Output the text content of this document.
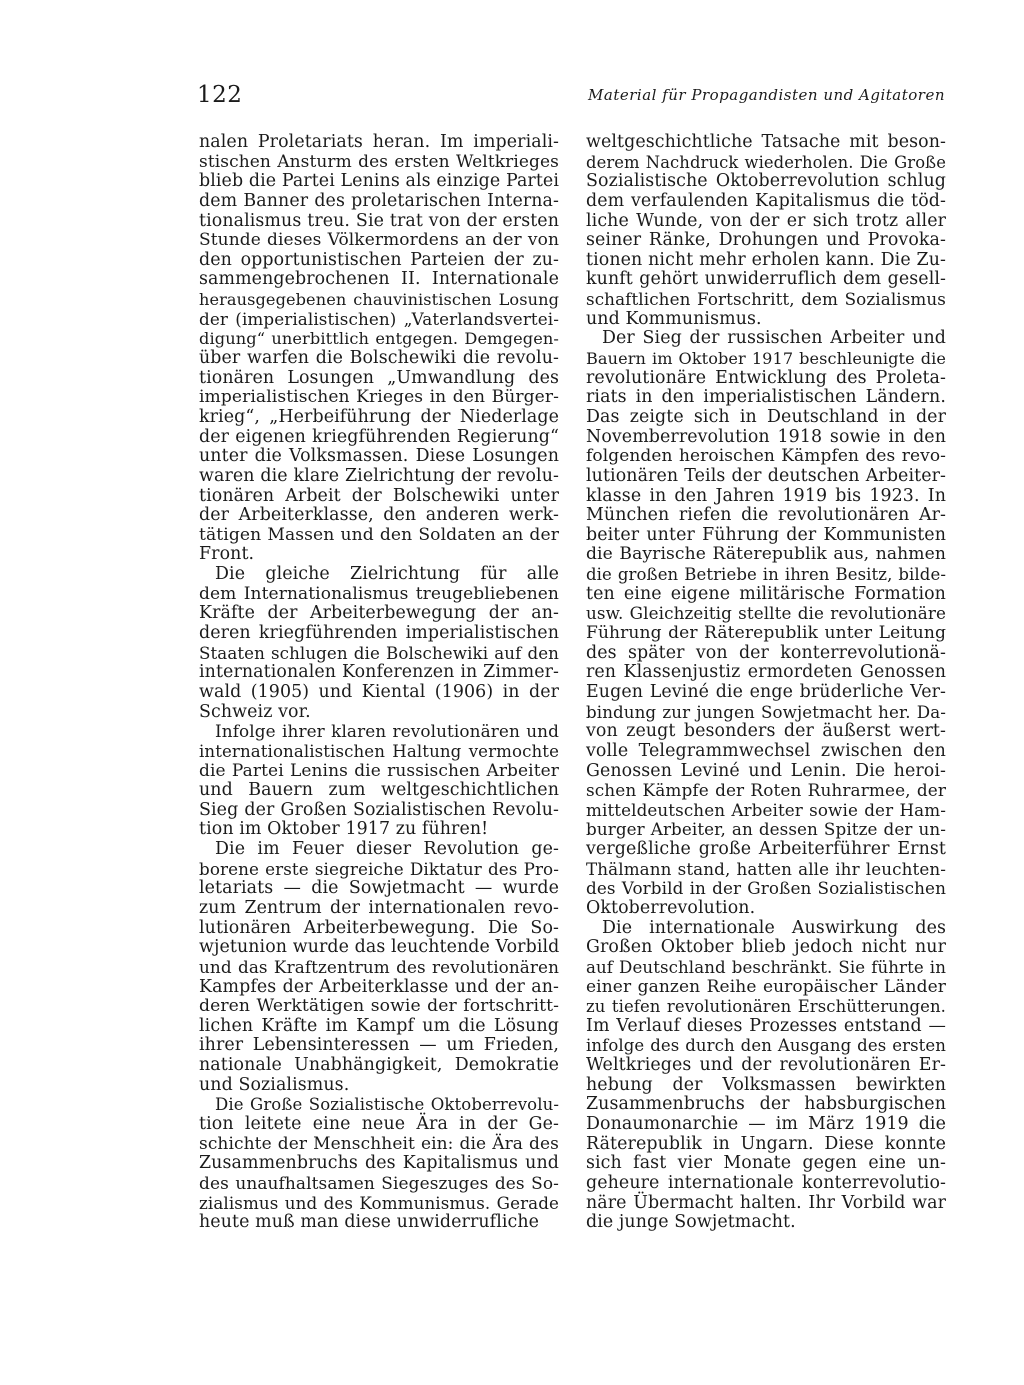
122	Material für Propagandisten und Agitatoren
nalen Proletariats heran. Im imperiali-
stischen Ansturm des ersten Weltkrieges
blieb die Partei Lenins als einzige Partei
dem Banner des proletarischen Interna-
tionalismus treu. Sie trat von der ersten
Stunde dieses Völkermordens an der von
den opportunistischen Parteien der zu-
sammengebrochenen II. Internationale
herausgegebenen chauvinistischen Losung
der (imperialistischen) „Vaterlandsvertei-
digung“ unerbittlich entgegen. Demgegen-
über warfen die Bolschewiki die revolu-
tionären Losungen „Umwandlung des
imperialistischen Krieges in den Bürger-
krieg“, „Herbeiführung der Niederlage
der eigenen kriegführenden Regierung“
unter die Volksmassen. Diese Losungen
waren die klare Zielrichtung der revolu-
tionären Arbeit der Bolschewiki unter
der Arbeiterklasse, den anderen werk-
tätigen Massen und den Soldaten an der
Front.
Die gleiche Zielrichtung für alle
dem Internationalismus treugebliebenen
Kräfte der Arbeiterbewegung der an-
deren kriegführenden imperialistischen
Staaten schlugen die Bolschewiki auf den
internationalen Konferenzen in Zimmer-
wald (1905) und Kiental (1906) in der
Schweiz vor.
Infolge ihrer klaren revolutionären und
internationalistischen Haltung vermochte
die Partei Lenins die russischen Arbeiter
und Bauern zum weltgeschichtlichen
Sieg der Großen Sozialistischen Revolu-
tion im Oktober 1917 zu führen!
Die im Feuer dieser Revolution ge-
borene erste siegreiche Diktatur des Pro-
letariats — die Sowjetmacht — wurde
zum Zentrum der internationalen revo-
lutionären Arbeiterbewegung. Die So-
wjetunion wurde das leuchtende Vorbild
und das Kraftzentrum des revolutionären
Kampfes der Arbeiterklasse und der an-
deren Werktätigen sowie der fortschritt-
lichen Kräfte im Kampf um die Lösung
ihrer Lebensinteressen — um Frieden,
nationale Unabhängigkeit, Demokratie
und Sozialismus.
Die Große Sozialistische Oktoberrevolu-
tion leitete eine neue Ära in der Ge-
schichte der Menschheit ein: die Ära des
Zusammenbruchs des Kapitalismus und
des unaufhaltsamen Siegeszuges des So-
zialismus und des Kommunismus. Gerade
heute muß man diese unwiderrufliche
weltgeschichtliche Tatsache mit beson-
derem Nachdruck wiederholen. Die Große
Sozialistische Oktoberrevolution schlug
dem verfaulenden Kapitalismus die töd-
liche Wunde, von der er sich trotz aller
seiner Ränke, Drohungen und Provoka-
tionen nicht mehr erholen kann. Die Zu-
kunft gehört unwiderruflich dem gesell-
schaftlichen Fortschritt, dem Sozialismus
und Kommunismus.
Der Sieg der russischen Arbeiter und
Bauern im Oktober 1917 beschleunigte die
revolutionäre Entwicklung des Proleta-
riats in den imperialistischen Ländern.
Das zeigte sich in Deutschland in der
Novemberrevolution 1918 sowie in den
folgenden heroischen Kämpfen des revo-
lutionären Teils der deutschen Arbeiter-
klasse in den Jahren 1919 bis 1923. In
München riefen die revolutionären Ar-
beiter unter Führung der Kommunisten
die Bayrische Räterepublik aus, nahmen
die großen Betriebe in ihren Besitz, bilde-
ten eine eigene militärische Formation
usw. Gleichzeitig stellte die revolutionäre
Führung der Räterepublik unter Leitung
des später von der konterrevolutionä-
ren Klassenjustiz ermordeten Genossen
Eugen Leviné die enge brüderliche Ver-
bindung zur jungen Sowjetmacht her. Da-
von zeugt besonders der äußerst wert-
volle Telegrammwechsel zwischen den
Genossen Leviné und Lenin. Die heroi-
schen Kämpfe der Roten Ruhrarmee, der
mitteldeutschen Arbeiter sowie der Ham-
burger Arbeiter, an dessen Spitze der un-
vergeßliche große Arbeiterführer Ernst
Thälmann stand, hatten alle ihr leuchten-
des Vorbild in der Großen Sozialistischen
Oktoberrevolution.
Die internationale Auswirkung des
Großen Oktober blieb jedoch nicht nur
auf Deutschland beschränkt. Sie führte in
einer ganzen Reihe europäischer Länder
zu tiefen revolutionären Erschütterungen.
Im Verlauf dieses Prozesses entstand —
infolge des durch den Ausgang des ersten
Weltkrieges und der revolutionären Er-
hebung der Volksmassen bewirkten
Zusammenbruchs der habsburgischen
Donaumonarchie — im März 1919 die
Räterepublik in Ungarn. Diese konnte
sich fast vier Monate gegen eine un-
geheure internationale konterrevolutio-
näre Übermacht halten. Ihr Vorbild war
die junge Sowjetmacht.
